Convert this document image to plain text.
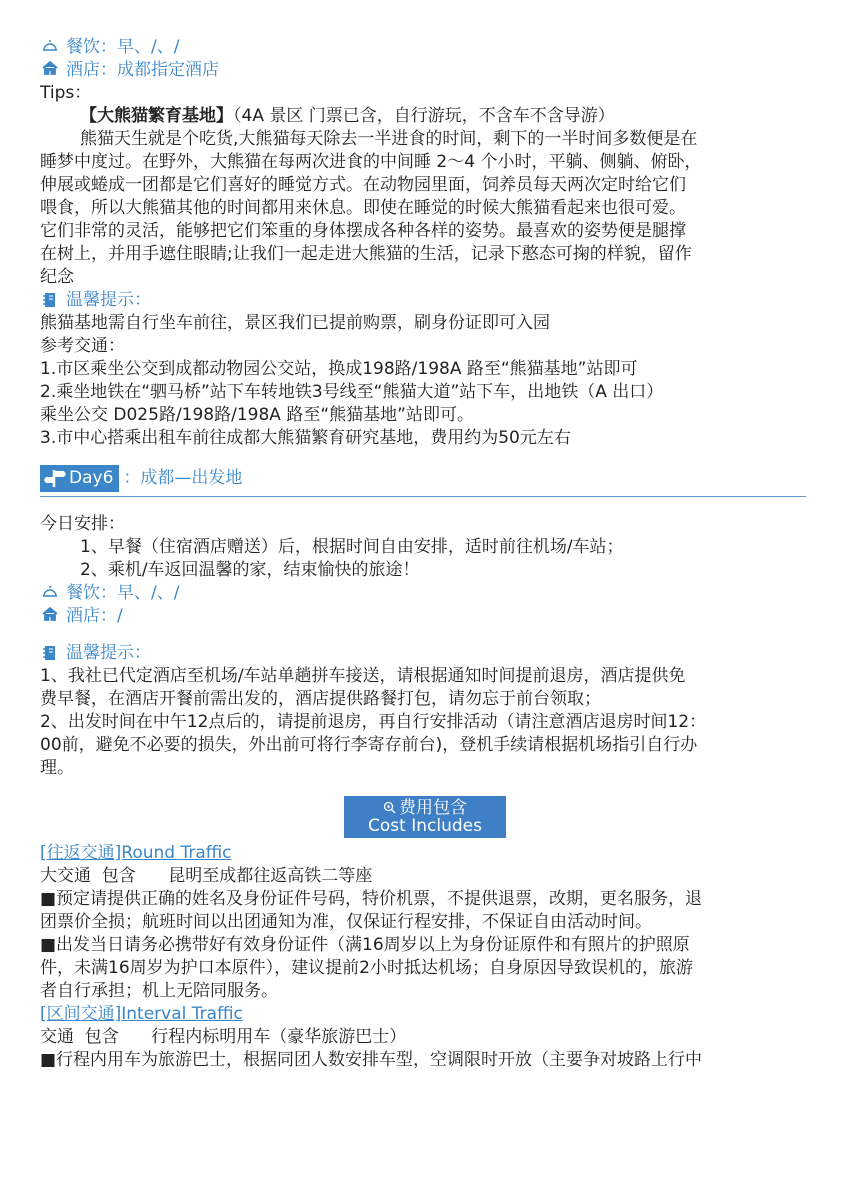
餐饮：早、/、/
酒店：成都指定酒店
Tips：
【大熊猫繁育基地】（4A 景区 门票已含，自行游玩，不含车不含导游）
熊猫天生就是个吃货,大熊猫每天除去一半进食的时间，剩下的一半时间多数便是在
睡梦中度过。在野外，大熊猫在每两次进食的中间睡 2～4 个小时，平躺、侧躺、俯卧，
伸展或蜷成一团都是它们喜好的睡觉方式。在动物园里面，饲养员每天两次定时给它们
喂食，所以大熊猫其他的时间都用来休息。即使在睡觉的时候大熊猫看起来也很可爱。
它们非常的灵活，能够把它们笨重的身体摆成各种各样的姿势。最喜欢的姿势便是腿撑
在树上，并用手遮住眼睛;让我们一起走进大熊猫的生活，记录下憨态可掬的样貌，留作
纪念
温馨提示：
熊猫基地需自行坐车前往，景区我们已提前购票，刷身份证即可入园
参考交通：
1.市区乘坐公交到成都动物园公交站，换成198路/198A 路至“熊猫基地”站即可
2.乘坐地铁在“驷马桥”站下车转地铁3号线至“熊猫大道”站下车，出地铁（A 出口）
乘坐公交 D025路/198路/198A 路至“熊猫基地”站即可。
3.市中心搭乘出租车前往成都大熊猫繁育研究基地，费用约为50元左右
Day6 ：成都—出发地
今日安排：
1、早餐（住宿酒店赠送）后，根据时间自由安排，适时前往机场/车站；
2、乘机/车返回温馨的家，结束愉快的旅途！
餐饮：早、/、/
酒店：/
温馨提示：
1、我社已代定酒店至机场/车站单趟拼车接送，请根据通知时间提前退房，酒店提供免
费早餐，在酒店开餐前需出发的，酒店提供路餐打包，请勿忘于前台领取；
2、出发时间在中午12点后的，请提前退房，再自行安排活动（请注意酒店退房时间12：
00前，避免不必要的损失，外出前可将行李寄存前台)，登机手续请根据机场指引自行办
理。
费用包含
Cost Includes
[往返交通]Round Traffic
大交通  包含      昆明至成都往返高铁二等座
■预定请提供正确的姓名及身份证件号码，特价机票，不提供退票，改期，更名服务，退
团票价全损；航班时间以出团通知为准，仅保证行程安排，不保证自由活动时间。
■出发当日请务必携带好有效身份证件（满16周岁以上为身份证原件和有照片的护照原
件，未满16周岁为护口本原件），建议提前2小时抵达机场；自身原因导致误机的，旅游
者自行承担；机上无陪同服务。
[区间交通]Interval Traffic
交通  包含      行程内标明用车（豪华旅游巴士）
■行程内用车为旅游巴士，根据同团人数安排车型，空调限时开放（主要争对坡路上行中
